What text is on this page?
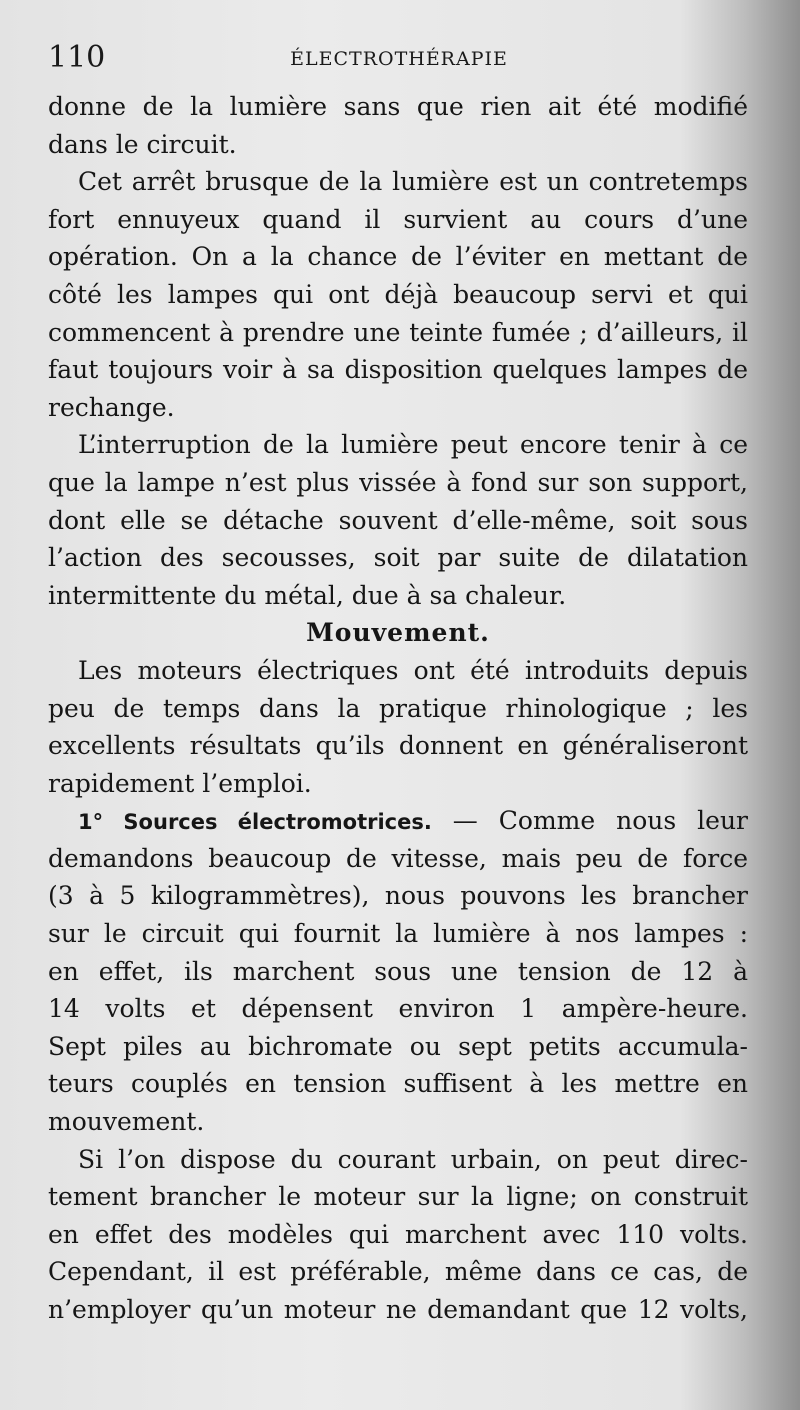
110	ÉLECTROTHÉRAPIE
donne de la lumière sans que rien ait été modifié
dans le circuit.
Cet arrêt brusque de la lumière est un contretemps
fort ennuyeux quand il survient au cours d’une
opération. On a la chance de l’éviter en mettant de
côté les lampes qui ont déjà beaucoup servi et qui
commencent à prendre une teinte fumée ; d’ailleurs, il
faut toujours voir à sa disposition quelques lampes de
rechange.
L’interruption de la lumière peut encore tenir à ce
que la lampe n’est plus vissée à fond sur son support,
dont elle se détache souvent d’elle-même, soit sous
l’action des secousses, soit par suite de dilatation
intermittente du métal, due à sa chaleur.
Mouvement.
Les moteurs électriques ont été introduits depuis
peu de temps dans la pratique rhinologique ; les
excellents résultats qu’ils donnent en généraliseront
rapidement l’emploi.
1° Sources électromotrices. — Comme nous leur
demandons beaucoup de vitesse, mais peu de force
(3 à 5 kilogrammètres), nous pouvons les brancher
sur le circuit qui fournit la lumière à nos lampes :
en effet, ils marchent sous une tension de 12 à
14 volts et dépensent environ 1 ampère-heure.
Sept piles au bichromate ou sept petits accumula-
teurs couplés en tension suffisent à les mettre en
mouvement.
Si l’on dispose du courant urbain, on peut direc-
tement brancher le moteur sur la ligne; on construit
en effet des modèles qui marchent avec 110 volts.
Cependant, il est préférable, même dans ce cas, de
n’employer qu’un moteur ne demandant que 12 volts,
